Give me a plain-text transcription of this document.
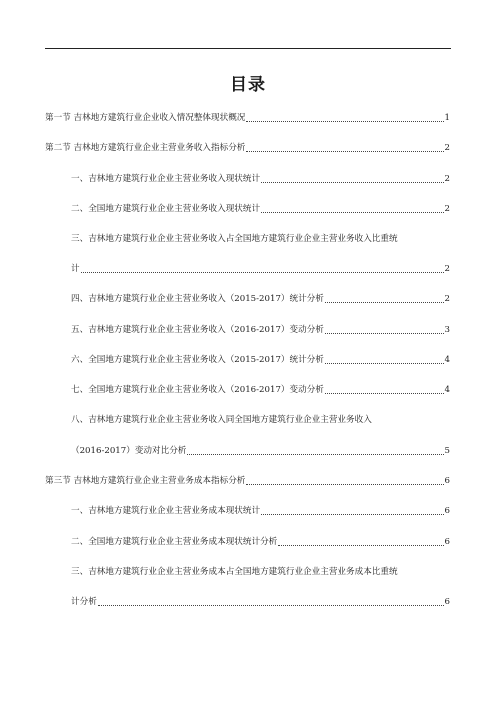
目录
第一节 吉林地方建筑行业企业收入情况整体现状概况	1
第二节 吉林地方建筑行业企业主营业务收入指标分析	2
一、吉林地方建筑行业企业主营业务收入现状统计	2
二、全国地方建筑行业企业主营业务收入现状统计	2
三、吉林地方建筑行业企业主营业务收入占全国地方建筑行业企业主营业务收入比重统
计	2
四、吉林地方建筑行业企业主营业务收入（2015-2017）统计分析	2
五、吉林地方建筑行业企业主营业务收入（2016-2017）变动分析	3
六、全国地方建筑行业企业主营业务收入（2015-2017）统计分析	4
七、全国地方建筑行业企业主营业务收入（2016-2017）变动分析	4
八、吉林地方建筑行业企业主营业务收入同全国地方建筑行业企业主营业务收入
（2016-2017）变动对比分析	5
第三节 吉林地方建筑行业企业主营业务成本指标分析	6
一、吉林地方建筑行业企业主营业务成本现状统计	6
二、全国地方建筑行业企业主营业务成本现状统计分析	6
三、吉林地方建筑行业企业主营业务成本占全国地方建筑行业企业主营业务成本比重统
计分析	6
